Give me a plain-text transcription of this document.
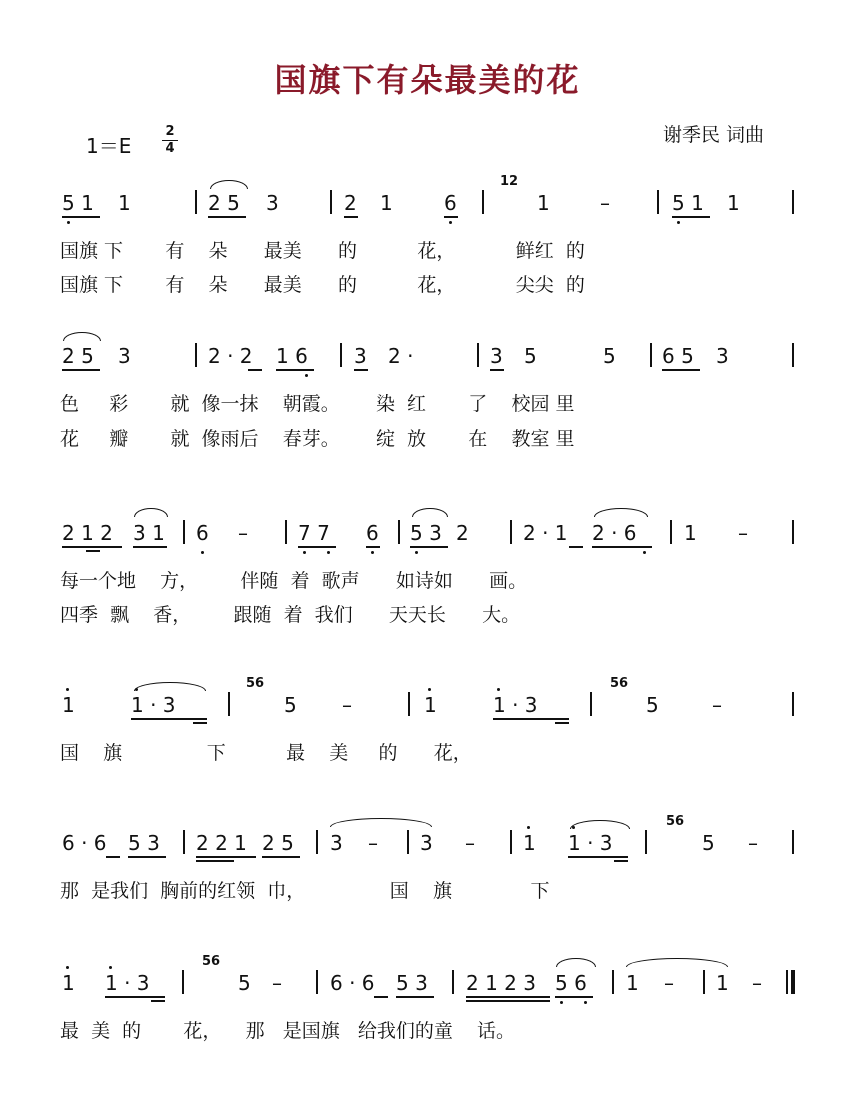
国旗下有朵最美的花
1＝E
2
4
谢季民 词曲
5 1 1	2 5 3	2 1	6
12
1	–	5 1 1
国旗 下       有    朵      最美      的          花，          鲜红  的
国旗 下       有    朵      最美      的          花，          尖尖  的
2 5 3	2 · 2 1 6 3 2 ·	3 5	5 6 5 3
色     彩       就  像一抹    朝霞。      染  红       了    校园 里
花     瓣       就  像雨后    春芽。      绽  放       在    教室 里
2 1 2 3 1 6 –	7 7 6 5 3 2	2 · 1 2 · 6 1 –
每一个地    方，       伴随  着  歌声      如诗如      画。
四季  飘    香，       跟随  着  我们      天天长      大。
1	1 · 3
56
5 –	1	1 · 3
56
5	–
国    旗              下          最    美     的      花，
6 · 6 5 3 2 2 1 2 5 3 – 3 – 1 1 · 3
56
5 –
那  是我们  胸前的红领  巾，              国    旗             下
1 1 · 3
56
5 – 6 · 6 5 3 2 1 2 3 5 6 1 – 1 –
最  美  的       花，    那   是国旗   给我们的童    话。
